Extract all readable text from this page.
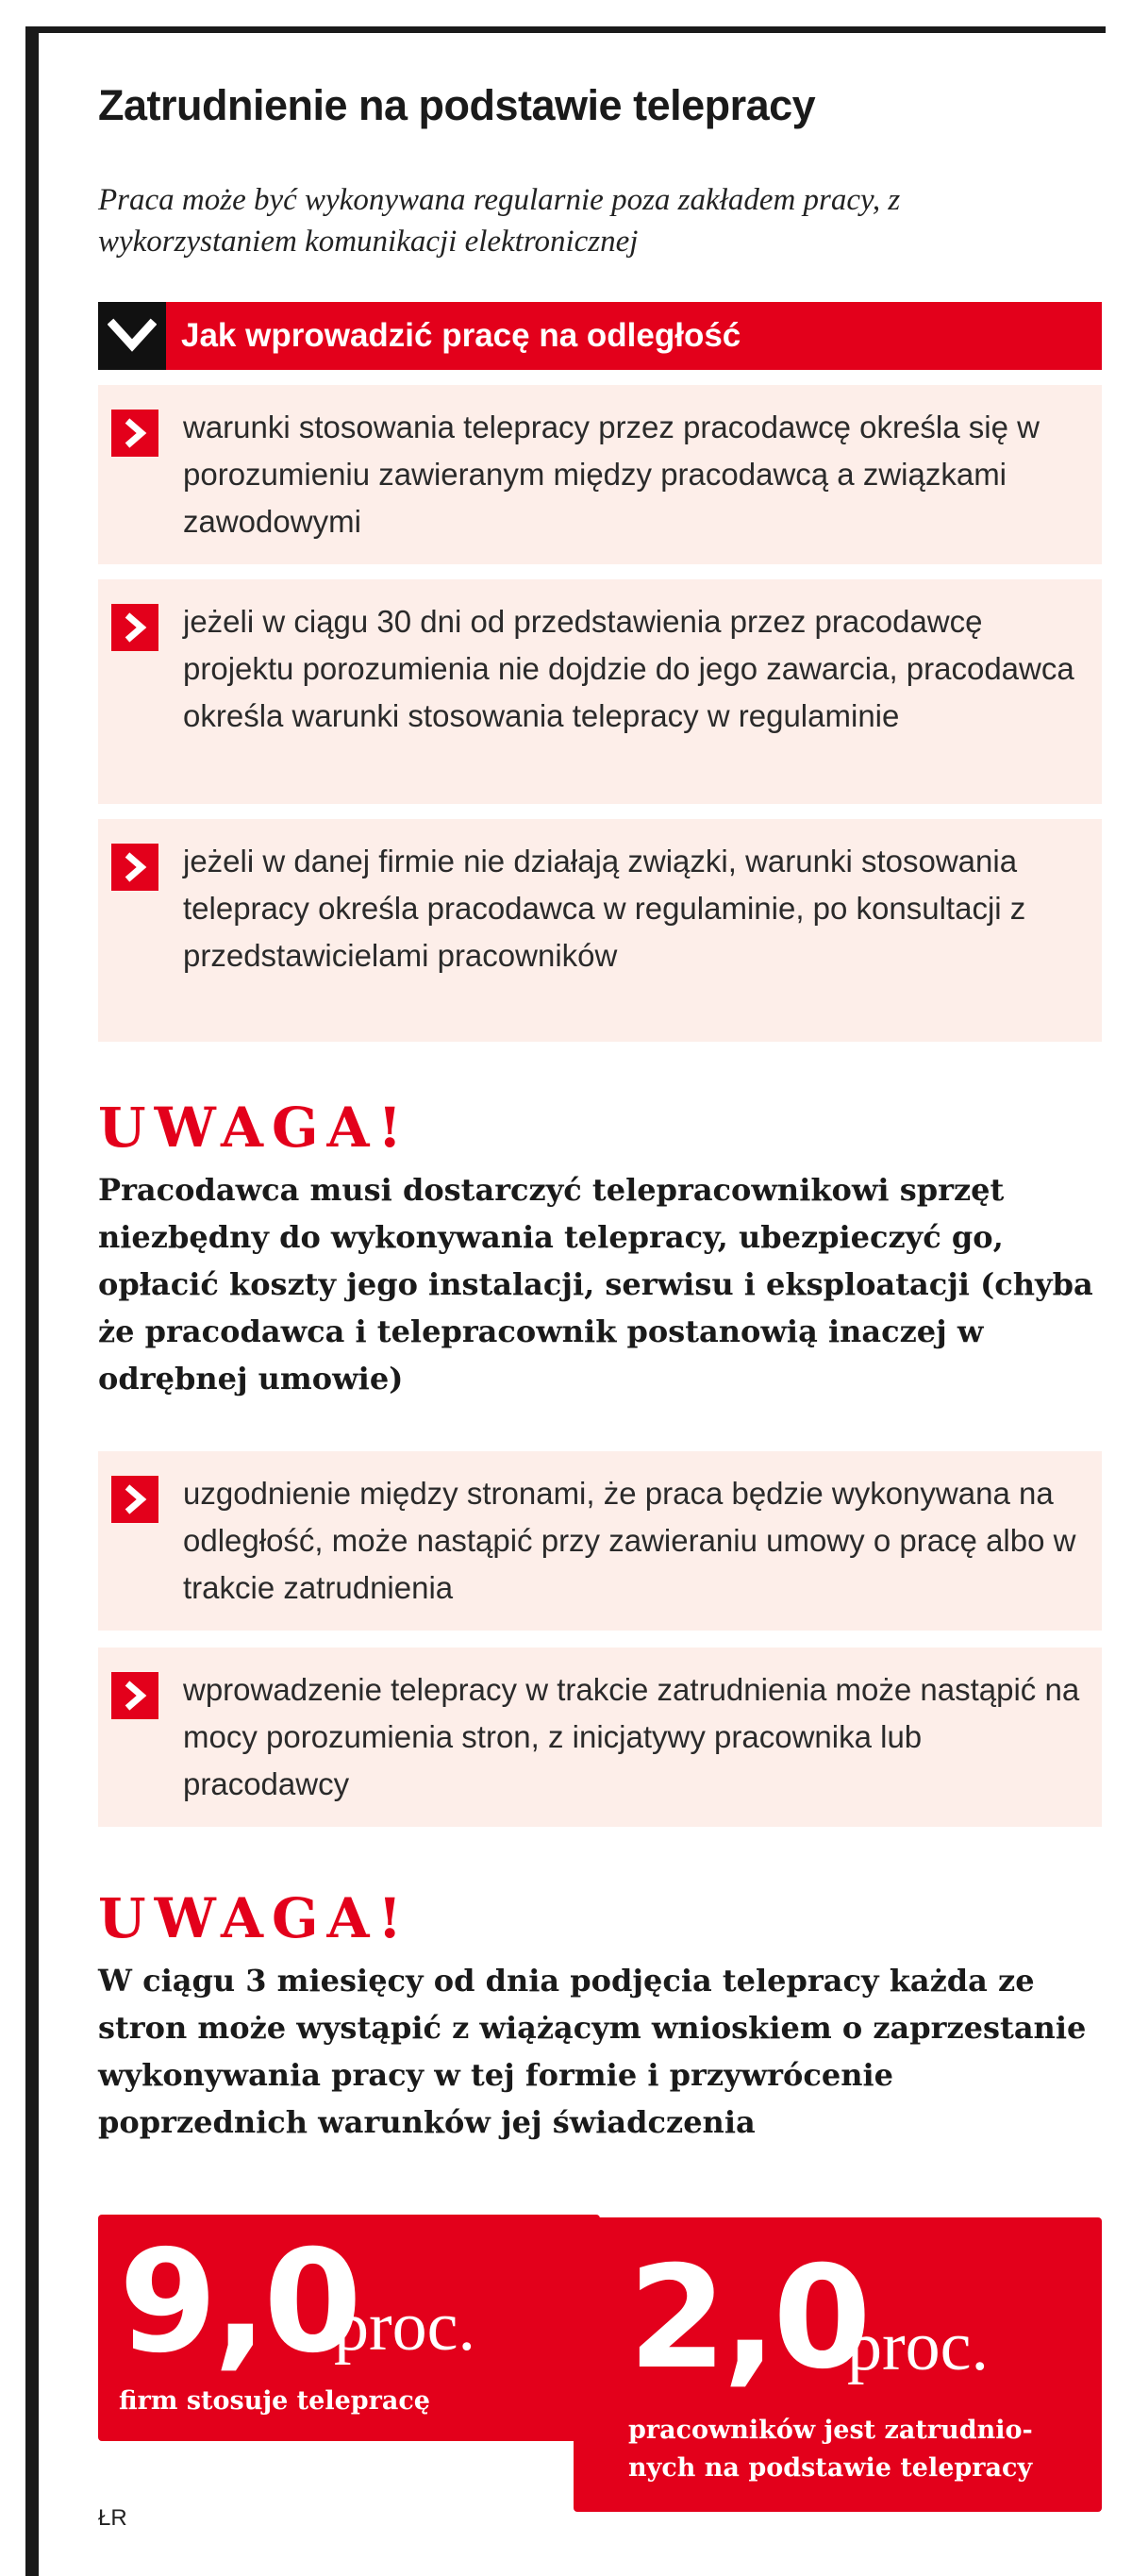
Zatrudnienie na podstawie telepracy

Praca może być wykonywana regularnie poza zakładem pracy, z wykorzystaniem komunikacji elektronicznej

Jak wprowadzić pracę na odległość

warunki stosowania telepracy przez pracodawcę określa się w porozumieniu zawieranym między pracodawcą a związkami zawodowymi

jeżeli w ciągu 30 dni od przedstawienia przez pracodawcę projektu porozumienia nie dojdzie do jego zawarcia, pracodawca określa warunki stosowania telepracy w regulaminie

jeżeli w danej firmie nie działają związki, warunki stosowania telepracy określa pracodawca w regulaminie, po konsultacji z przedstawicielami pracowników

UWAGA!

Pracodawca musi dostarczyć telepracownikowi sprzęt niezbędny do wykonywania telepracy, ubezpieczyć go, opłacić koszty jego instalacji, serwisu i eksploatacji (chyba że pracodawca i telepracownik postanowią inaczej w odrębnej umowie)

uzgodnienie między stronami, że praca będzie wykonywana na odległość, może nastąpić przy zawieraniu umowy o pracę albo w trakcie zatrudnienia

wprowadzenie telepracy w trakcie zatrudnienia może nastąpić na mocy porozumienia stron, z inicjatywy pracownika lub pracodawcy

UWAGA!

W ciągu 3 miesięcy od dnia podjęcia telepracy każda ze stron może wystąpić z wiążącym wnioskiem o zaprzestanie wykonywania pracy w tej formie i przywrócenie poprzednich warunków jej świadczenia

9,0
proc.

firm stosuje telepracę

2,0
proc.

pracowników jest zatrudnio-nych na podstawie telepracy

ŁR
